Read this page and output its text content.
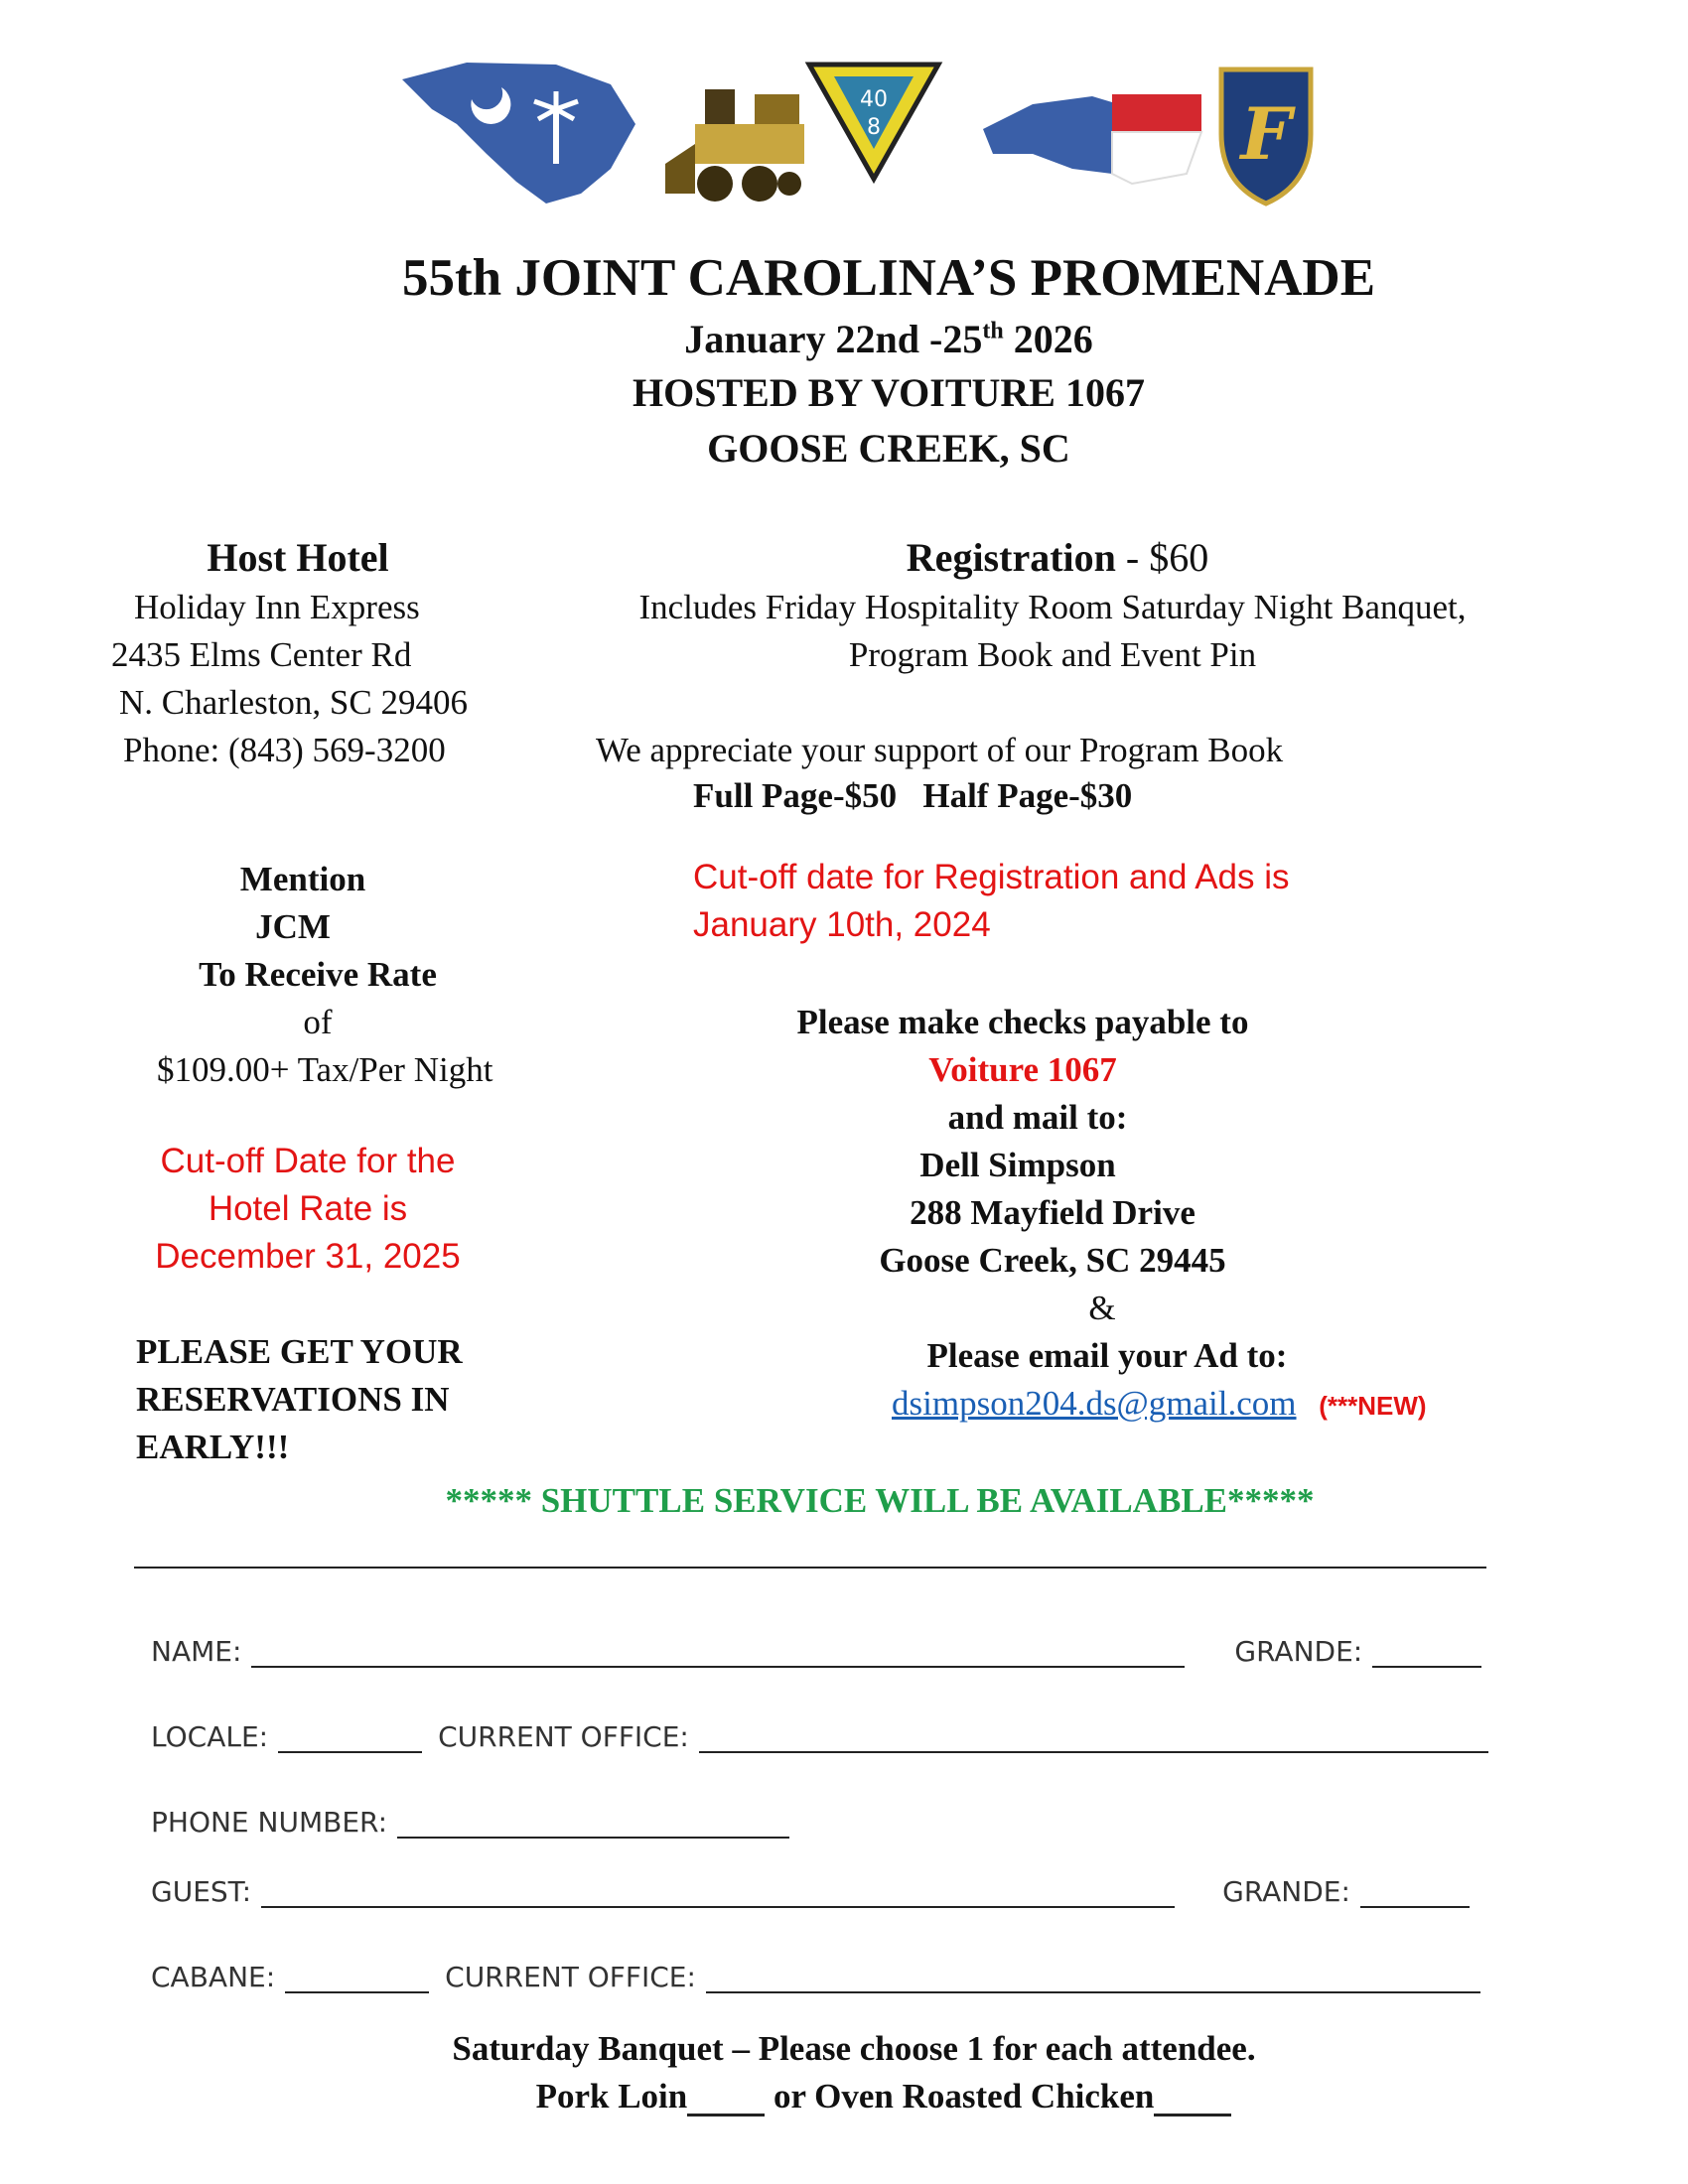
40
8	F
55th JOINT CAROLINA’S PROMENADE
January 22nd -25th 2026
HOSTED BY VOITURE 1067
GOOSE CREEK, SC
Host Hotel
Holiday Inn Express
2435 Elms Center Rd
N. Charleston, SC 29406
Phone: (843) 569-3200
Mention
JCM
To Receive Rate
of
$109.00+ Tax/Per Night
Cut-off Date for the
Hotel Rate is
December 31, 2025
PLEASE GET YOUR
RESERVATIONS IN
EARLY!!!
Registration - $60
Includes Friday Hospitality Room Saturday Night Banquet,
Program Book and Event Pin
We appreciate your support of our Program Book
Full Page-$50   Half Page-$30
Cut-off date for Registration and Ads is
January 10th, 2024
Please make checks payable to
Voiture 1067
and mail to:
Dell Simpson
288 Mayfield Drive
Goose Creek, SC 29445
&
Please email your Ad to:
dsimpson204.ds@gmail.com (***NEW)
***** SHUTTLE SERVICE WILL BE AVAILABLE*****
NAME:	GRANDE:
LOCALE:	CURRENT OFFICE:
PHONE NUMBER:
GUEST:	GRANDE:
CABANE:	CURRENT OFFICE:
Saturday Banquet – Please choose 1 for each attendee.
Pork Loin or Oven Roasted Chicken
